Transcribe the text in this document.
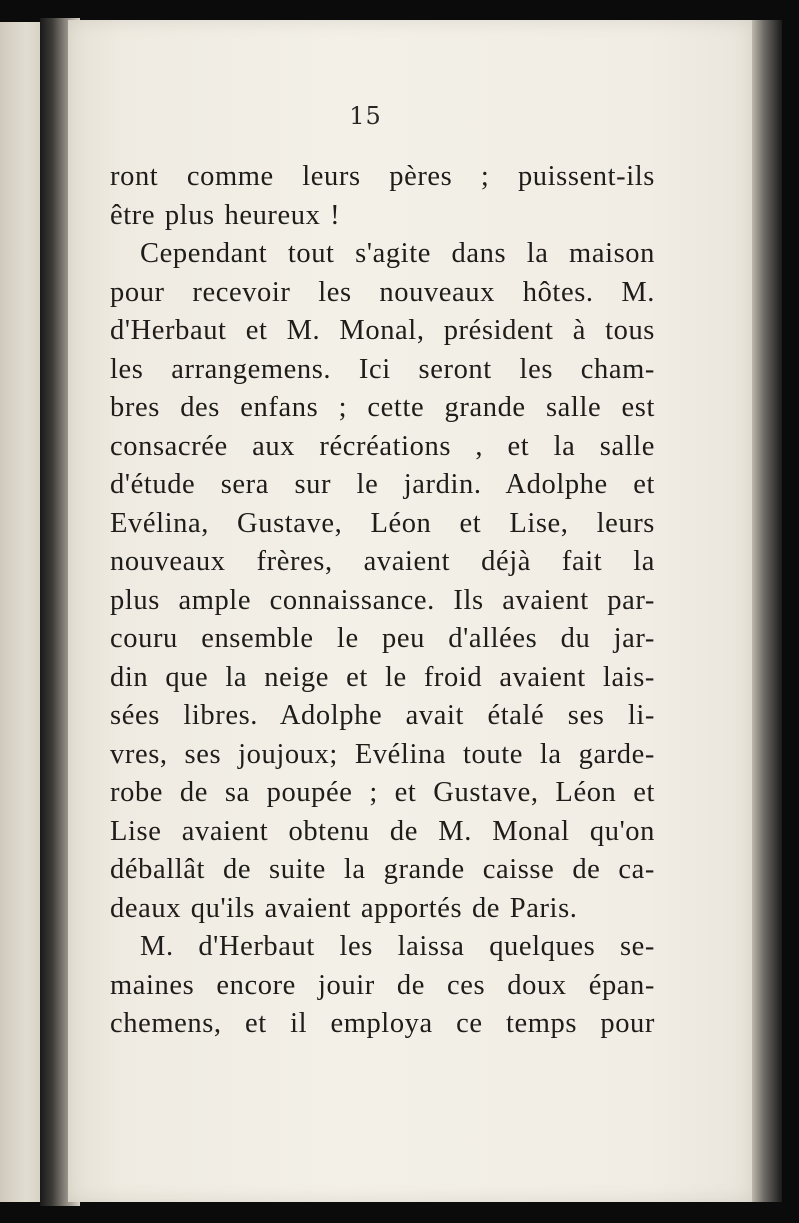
15
ront comme leurs pères ; puissent-ils
être plus heureux !
Cependant tout s'agite dans la maison
pour recevoir les nouveaux hôtes. M.
d'Herbaut et M. Monal, président à tous
les arrangemens. Ici seront les cham-
bres des enfans ; cette grande salle est
consacrée aux récréations , et la salle
d'étude sera sur le jardin. Adolphe et
Evélina, Gustave, Léon et Lise, leurs
nouveaux frères, avaient déjà fait la
plus ample connaissance. Ils avaient par-
couru ensemble le peu d'allées du jar-
din que la neige et le froid avaient lais-
sées libres. Adolphe avait étalé ses li-
vres, ses joujoux; Evélina toute la garde-
robe de sa poupée ; et Gustave, Léon et
Lise avaient obtenu de M. Monal qu'on
déballât de suite la grande caisse de ca-
deaux qu'ils avaient apportés de Paris.
M. d'Herbaut les laissa quelques se-
maines encore jouir de ces doux épan-
chemens, et il employa ce temps pour
